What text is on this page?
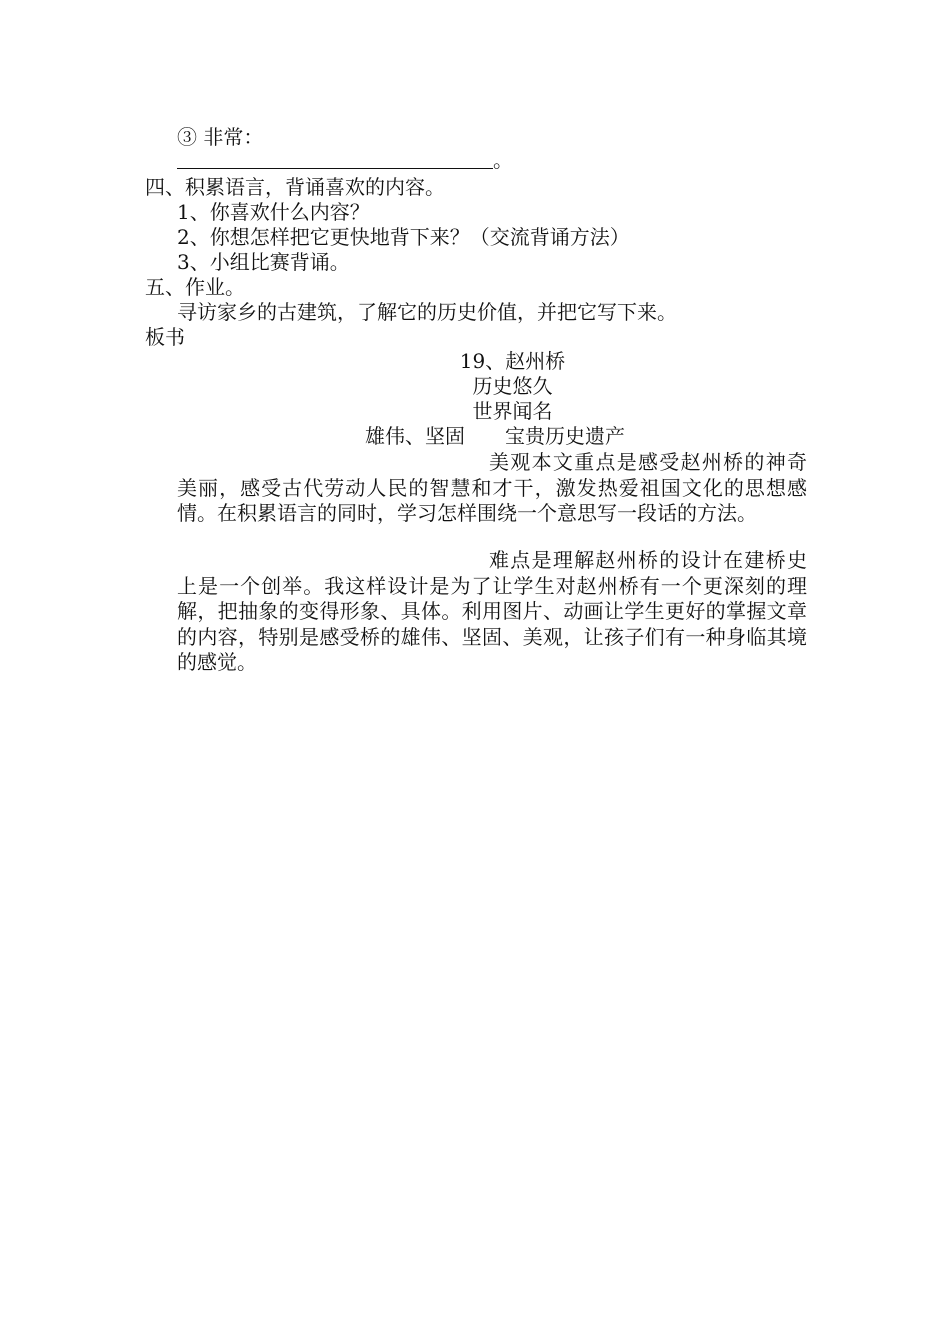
③ 非常：
。
四、积累语言，背诵喜欢的内容。
1、你喜欢什么内容？
2、你想怎样把它更快地背下来？（交流背诵方法）
3、小组比赛背诵。
五、作业。
寻访家乡的古建筑，了解它的历史价值，并把它写下来。
板书
19、赵州桥
历史悠久
世界闻名
雄伟、坚固 宝贵历史遗产
美观本文重点是感受赵州桥的神奇美丽，感受古代劳动人民的智慧和才干，激发热爱祖国文化的思想感情。在积累语言的同时，学习怎样围绕一个意思写一段话的方法。
难点是理解赵州桥的设计在建桥史上是一个创举。我这样设计是为了让学生对赵州桥有一个更深刻的理解，把抽象的变得形象、具体。利用图片、动画让学生更好的掌握文章的内容，特别是感受桥的雄伟、坚固、美观，让孩子们有一种身临其境的感觉。
